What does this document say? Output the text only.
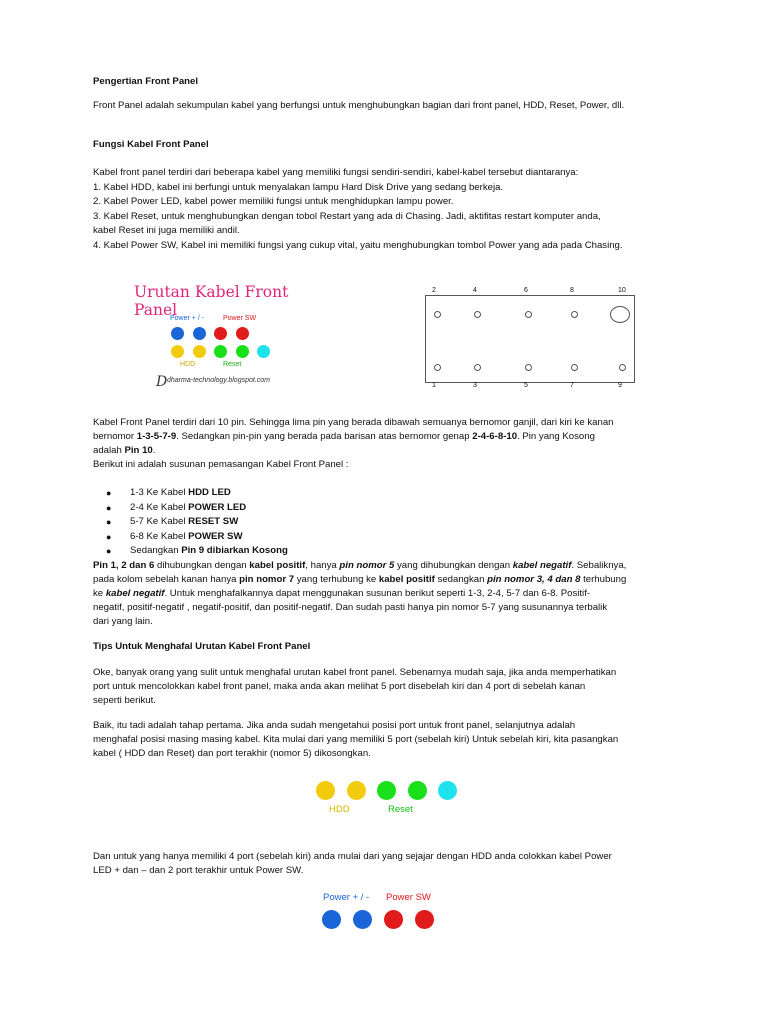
Pengertian Front Panel

Front Panel adalah sekumpulan kabel yang berfungsi untuk menghubungkan bagian dari front panel, HDD, Reset, Power, dll.

Fungsi Kabel Front Panel

Kabel front panel terdiri dari beberapa kabel yang memiliki fungsi sendiri-sendiri, kabel-kabel tersebut diantaranya:

1. Kabel HDD, kabel ini berfungi untuk menyalakan lampu Hard Disk Drive yang sedang berkeja.

2. Kabel Power LED, kabel power memiliki fungsi untuk menghidupkan lampu power.

3. Kabel Reset, untuk menghubungkan dengan tobol Restart yang ada di Chasing. Jadi, aktifitas restart komputer anda,

kabel Reset ini juga memiliki andil.

4. Kabel Power SW, Kabel ini memiliki fungsi yang cukup vital, yaitu menghubungkan tombol Power yang ada pada Chasing.

Urutan Kabel Front Panel
Power + / -	Power SW
HDD	Reset
D dharma-technology.blogspot.com
2	4	6	8	10
1	3	5	7	9

Kabel Front Panel terdiri dari 10 pin. Sehingga lima pin yang berada dibawah semuanya bernomor ganjil, dari kiri ke kanan

bernomor 1-3-5-7-9. Sedangkan pin-pin yang berada pada barisan atas bernomor genap 2-4-6-8-10. Pin yang Kosong

adalah Pin 10.

Berikut ini adalah susunan pemasangan Kabel Front Panel :

● 1-3 Ke Kabel HDD LED
● 2-4 Ke Kabel POWER LED
● 5-7 Ke Kabel RESET SW
● 6-8 Ke Kabel POWER SW
● Sedangkan Pin 9 dibiarkan Kosong

Pin 1, 2 dan 6 dihubungkan dengan kabel positif, hanya pin nomor 5 yang dihubungkan dengan kabel negatif. Sebaliknya,

pada kolom sebelah kanan hanya pin nomor 7 yang terhubung ke kabel positif sedangkan pin nomor 3, 4 dan 8 terhubung

ke kabel negatif. Untuk menghafalkannya dapat menggunakan susunan berikut seperti 1-3, 2-4, 5-7 dan 6-8. Positif-

negatif, positif-negatif , negatif-positif, dan positif-negatif. Dan sudah pasti hanya pin nomor 5-7 yang susunannya terbalik

dari yang lain.

Tips Untuk Menghafal Urutan Kabel Front Panel

Oke, banyak orang yang sulit untuk menghafal urutan kabel front panel. Sebenarnya mudah saja, jika anda memperhatikan

port untuk mencolokkan kabel front panel, maka anda akan melihat 5 port disebelah kiri dan 4 port di sebelah kanan

seperti berikut.

Baik, itu tadi adalah tahap pertama. Jika anda sudah mengetahui posisi port untuk front panel, selanjutnya adalah

menghafal posisi masing masing kabel. Kita mulai dari yang memiliki 5 port (sebelah kiri) Untuk sebelah kiri, kita pasangkan

kabel ( HDD dan Reset) dan port terakhir (nomor 5) dikosongkan.

Dan untuk yang hanya memiliki 4 port (sebelah kiri) anda mulai dari yang sejajar dengan HDD anda colokkan kabel Power

LED + dan – dan 2 port terakhir untuk Power SW.

HDD	Reset
Power + / - Power SW
